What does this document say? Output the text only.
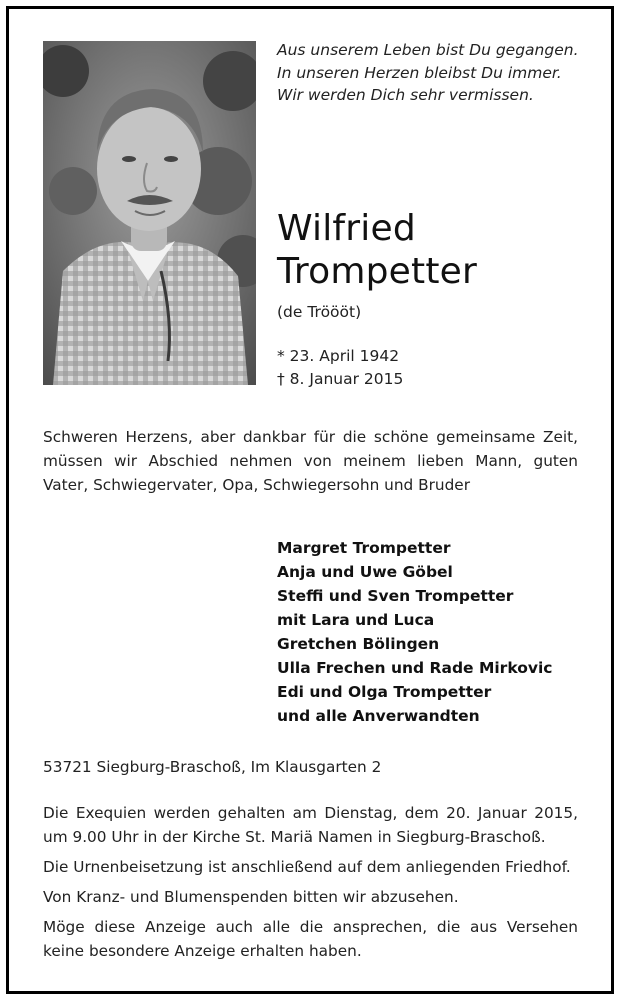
Aus unserem Leben bist Du gegangen.
In unseren Herzen bleibst Du immer.
Wir werden Dich sehr vermissen.
Wilfried
Trompetter
(de Tröööt)
* 23. April 1942
† 8. Januar 2015
Schweren Herzens, aber dankbar für die schöne gemeinsame Zeit,
müssen wir Abschied nehmen von meinem lieben Mann, guten
Vater, Schwiegervater, Opa, Schwiegersohn und Bruder
Margret Trompetter
Anja und Uwe Göbel
Steffi und Sven Trompetter
mit Lara und Luca
Gretchen Bölingen
Ulla Frechen und Rade Mirkovic
Edi und Olga Trompetter
und alle Anverwandten
53721 Siegburg-Braschoß, Im Klausgarten 2
Die Exequien werden gehalten am Dienstag, dem 20. Januar 2015,
um 9.00 Uhr in der Kirche St. Mariä Namen in Siegburg-Braschoß.
Die Urnenbeisetzung ist anschließend auf dem anliegenden Friedhof.
Von Kranz- und Blumenspenden bitten wir abzusehen.
Möge diese Anzeige auch alle die ansprechen, die aus Versehen
keine besondere Anzeige erhalten haben.
